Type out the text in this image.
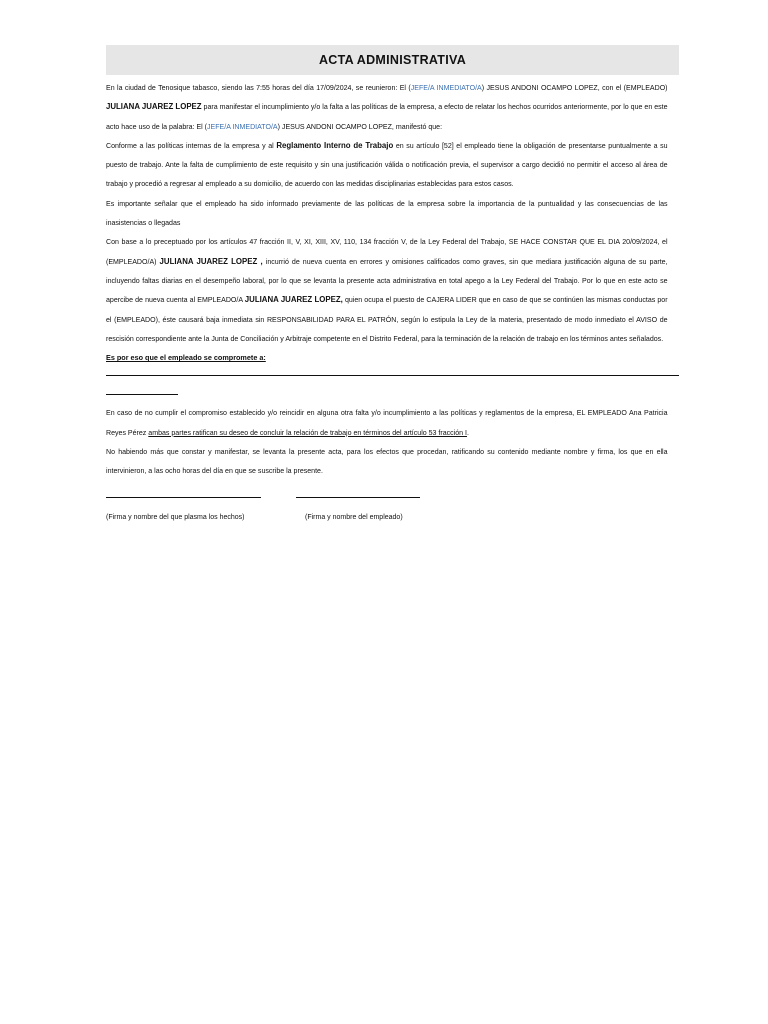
ACTA ADMINISTRATIVA

En la ciudad de Tenosique tabasco, siendo las 7:55 horas del día 17/09/2024, se reunieron: El (JEFE/A INMEDIATO/A) JESUS ANDONI OCAMPO LOPEZ, con el (EMPLEADO) JULIANA JUAREZ LOPEZ para manifestar el incumplimiento y/o la falta a las políticas de la empresa, a efecto de relatar los hechos ocurridos anteriormente, por lo que en este acto hace uso de la palabra: El (JEFE/A INMEDIATO/A) JESUS ANDONI OCAMPO LOPEZ, manifestó que:

Conforme a las políticas internas de la empresa y al Reglamento Interno de Trabajo en su artículo [52] el empleado tiene la obligación de presentarse puntualmente a su puesto de trabajo. Ante la falta de cumplimiento de este requisito y sin una justificación válida o notificación previa, el supervisor a cargo decidió no permitir el acceso al área de trabajo y procedió a regresar al empleado a su domicilio, de acuerdo con las medidas disciplinarias establecidas para estos casos.

Es importante señalar que el empleado ha sido informado previamente de las políticas de la empresa sobre la importancia de la puntualidad y las consecuencias de las inasistencias o llegadas

Con base a lo preceptuado por los artículos 47 fracción II, V, XI, XIII, XV, 110, 134 fracción V, de la Ley Federal del Trabajo, SE HACE CONSTAR QUE EL DIA 20/09/2024, el (EMPLEADO/A) JULIANA JUAREZ LOPEZ , incurrió de nueva cuenta en errores y omisiones calificados como graves, sin que mediara justificación alguna de su parte, incluyendo faltas diarias en el desempeño laboral, por lo que se levanta la presente acta administrativa en total apego a la Ley Federal del Trabajo. Por lo que en este acto se apercibe de nueva cuenta al EMPLEADO/A JULIANA JUAREZ LOPEZ, quien ocupa el puesto de CAJERA LIDER que en caso de que se continúen las mismas conductas por el (EMPLEADO), éste causará baja inmediata sin RESPONSABILIDAD PARA EL PATRÓN, según lo estipula la Ley de la materia, presentado de modo inmediato el AVISO de rescisión correspondiente ante la Junta de Conciliación y Arbitraje competente en el Distrito Federal, para la terminación de la relación de trabajo en los términos antes señalados.

Es por eso que el empleado se compromete a:

En caso de no cumplir el compromiso establecido y/o reincidir en alguna otra falta y/o incumplimiento a las políticas y reglamentos de la empresa, EL EMPLEADO Ana Patricia Reyes Pérez ambas partes ratifican su deseo de concluir la relación de trabajo en términos del artículo 53 fracción I.

No habiendo más que constar y manifestar, se levanta la presente acta, para los efectos que procedan, ratificando su contenido mediante nombre y firma, los que en ella intervinieron, a las ocho horas del día en que se suscribe la presente.

(Firma y nombre del que plasma los hechos)	(Firma y nombre del empleado)
